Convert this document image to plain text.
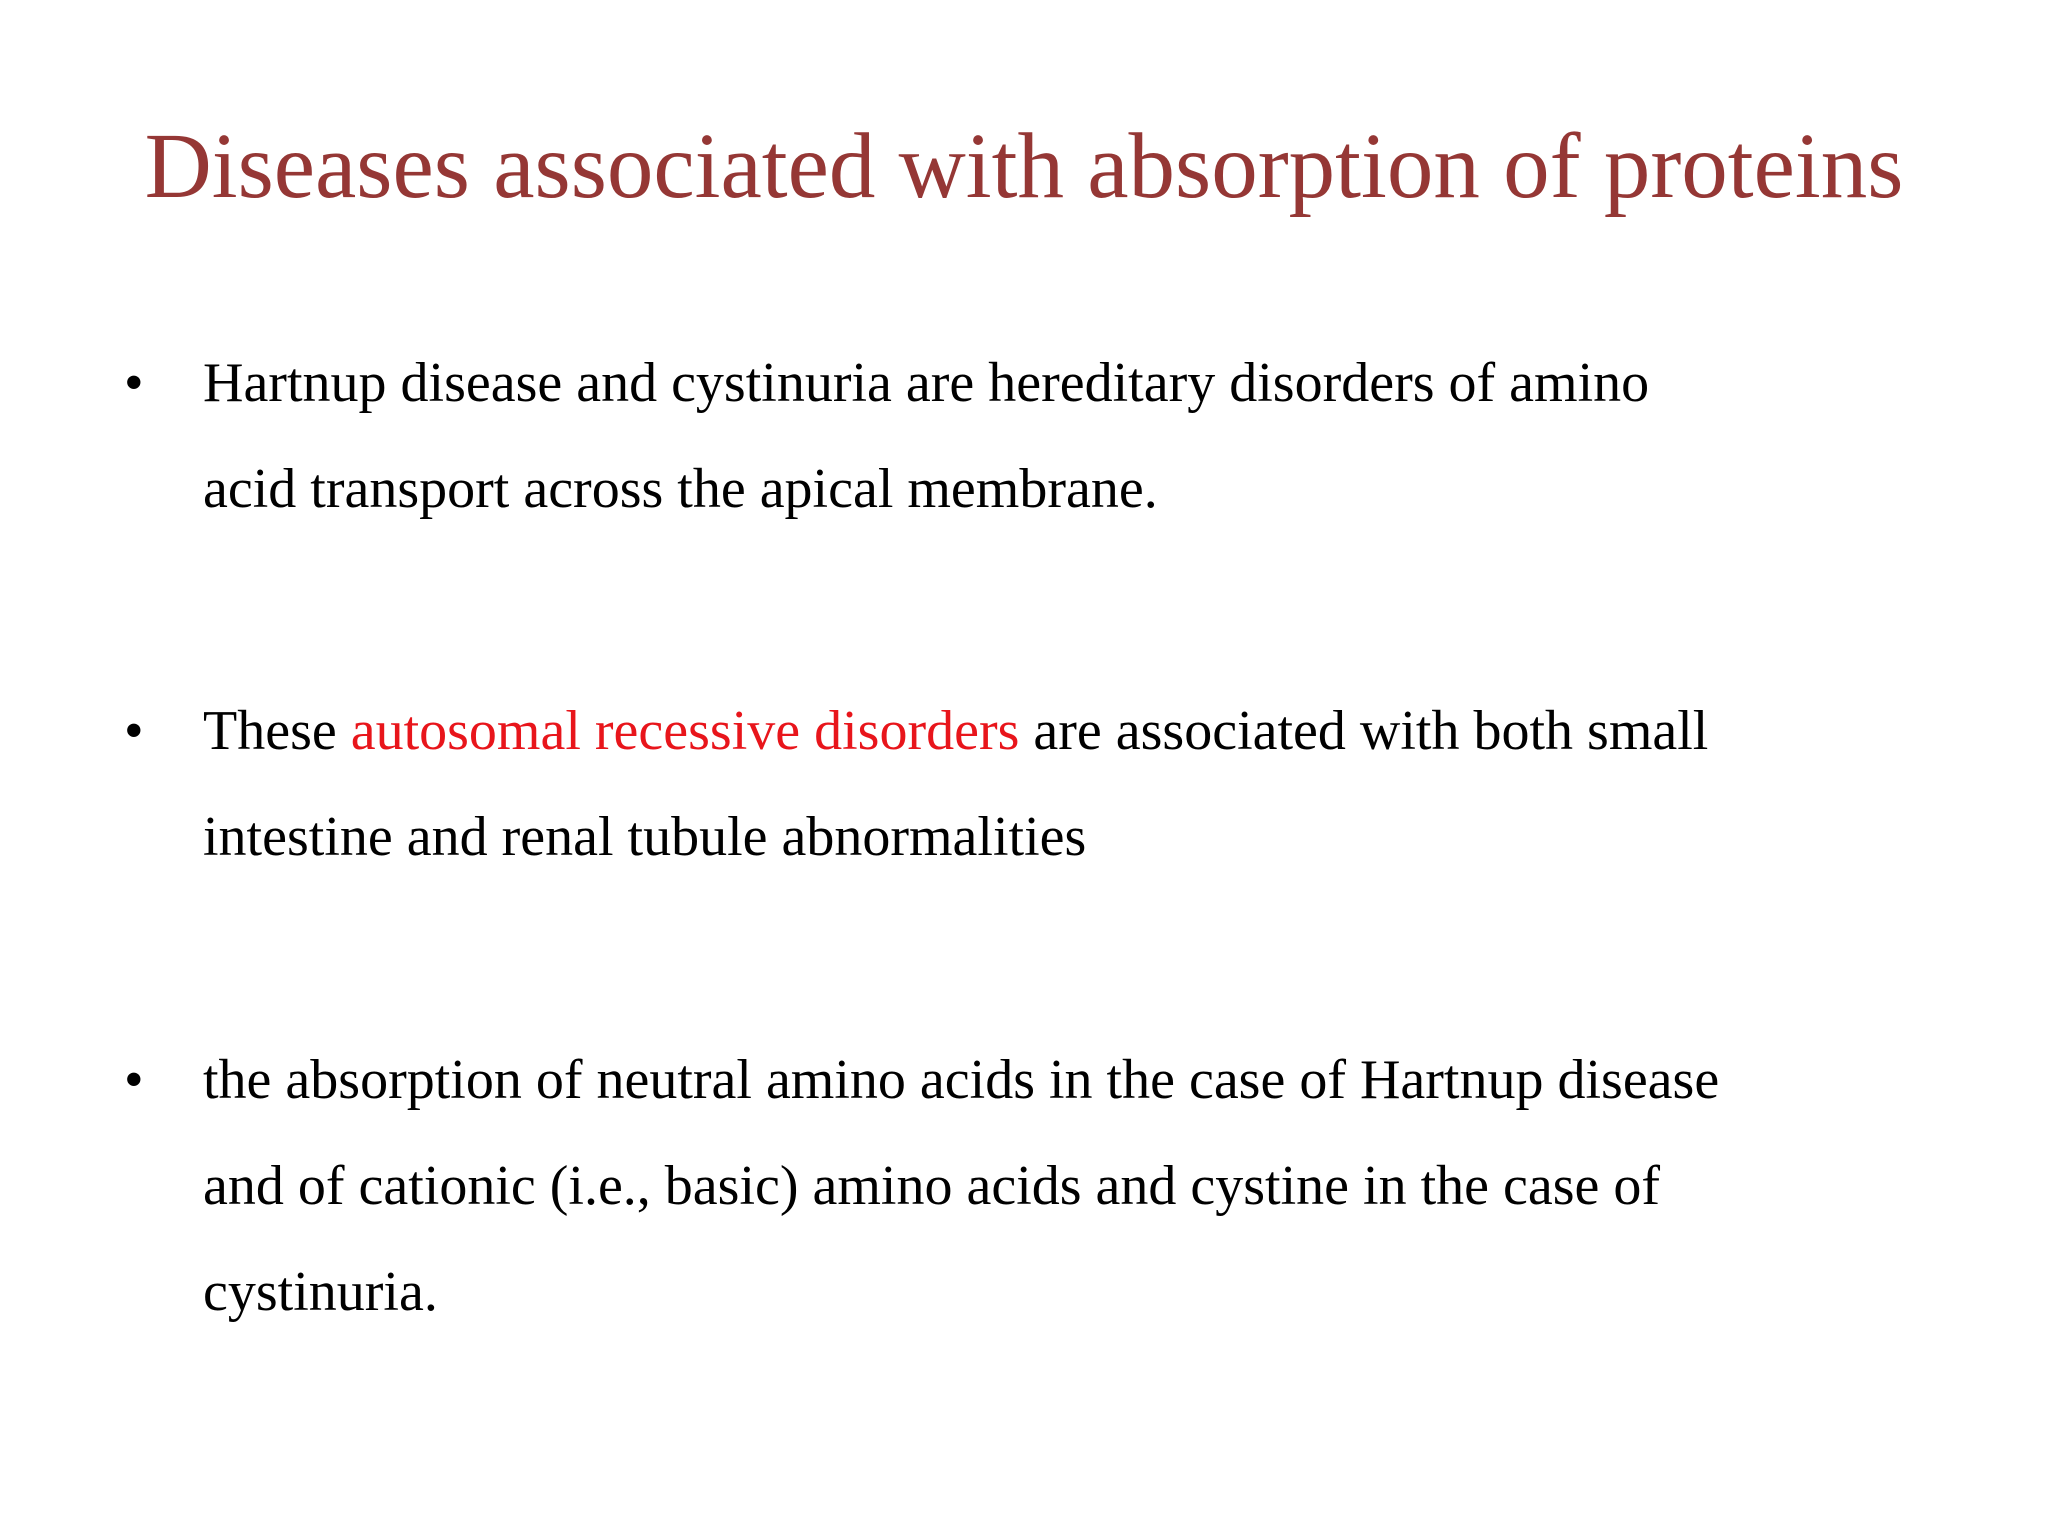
Diseases associated with absorption of proteins
• Hartnup disease and cystinuria are hereditary disorders of amino
acid transport across the apical membrane.

• These autosomal recessive disorders are associated with both small
intestine and renal tubule abnormalities

• the absorption of neutral amino acids in the case of Hartnup disease
and of cationic (i.e., basic) amino acids and cystine in the case of
cystinuria.
